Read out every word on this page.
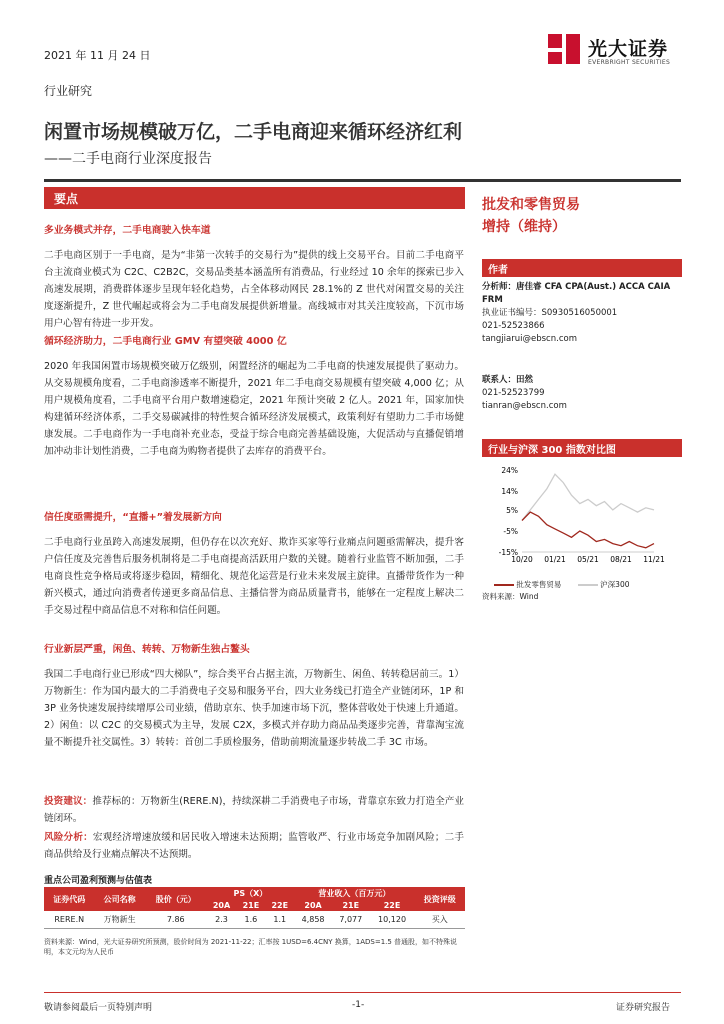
2021 年 11 月 24 日	光大证券
EVERBRIGHT SECURITIES
行业研究
闲置市场规模破万亿，二手电商迎来循环经济红利
——二手电商行业深度报告
要点

多业务模式并存，二手电商驶入快车道

二手电商区别于一手电商，是为“非第一次转手的交易行为”提供的线上交易平台。目前二手电商平台主流商业模式为 C2C、C2B2C，交易品类基本涵盖所有消费品，行业经过 10 余年的探索已步入高速发展期，消费群体逐步呈现年轻化趋势，占全体移动网民 28.1%的 Z 世代对闲置交易的关注度逐渐提升，Z 世代崛起或将会为二手电商发展提供新增量。高线城市对其关注度较高，下沉市场用户心智有待进一步开发。

循环经济助力，二手电商行业 GMV 有望突破 4000 亿

2020 年我国闲置市场规模突破万亿级别，闲置经济的崛起为二手电商的快速发展提供了驱动力。从交易规模角度看，二手电商渗透率不断提升，2021 年二手电商交易规模有望突破 4,000 亿；从用户规模角度看，二手电商平台用户数增速稳定，2021 年预计突破 2 亿人。2021 年，国家加快构建循环经济体系，二手交易碳减排的特性契合循环经济发展模式，政策利好有望助力二手市场健康发展。二手电商作为一手电商补充业态，受益于综合电商完善基础设施，大促活动与直播促销增加冲动非计划性消费，二手电商为购物者提供了去库存的消费平台。

信任度亟需提升，“直播+”着发展新方向

二手电商行业虽跨入高速发展期，但仍存在以次充好、欺诈买家等行业痛点问题亟需解决，提升客户信任度及完善售后服务机制将是二手电商提高活跃用户数的关键。随着行业监管不断加强，二手电商良性竞争格局或将逐步稳固，精细化、规范化运营是行业未来发展主旋律。直播带货作为一种新兴模式，通过向消费者传递更多商品信息、主播信誉为商品质量背书，能够在一定程度上解决二手交易过程中商品信息不对称和信任问题。

行业新层严重，闲鱼、转转、万物新生独占鳌头

我国二手电商行业已形成“四大梯队”，综合类平台占据主流，万物新生、闲鱼、转转稳居前三。1）万物新生：作为国内最大的二手消费电子交易和服务平台，四大业务线已打造全产业链闭环，1P 和 3P 业务快速发展持续增厚公司业绩，借助京东、快手加速市场下沉，整体营收处于快速上升通道。2）闲鱼：以 C2C 的交易模式为主导，发展 C2X，多模式并存助力商品品类逐步完善，背靠淘宝流量不断提升社交属性。3）转转：首创二手质检服务，借助前期流量逐步转战二手 3C 市场。

投资建议：推荐标的：万物新生(RERE.N)，持续深耕二手消费电子市场，背靠京东致力打造全产业链闭环。

风险分析：宏观经济增速放缓和居民收入增速未达预期；监管收严、行业市场竞争加剧风险；二手商品供给及行业痛点解决不达预期。

重点公司盈利预测与估值表
证券代码	公司名称	股价（元）	PS（X）			营业收入（百万元）			投资评级
			20A	21E	22E	20A	21E	22E	
RERE.N	万物新生	7.86	2.3	1.6	1.1	4,858	7,077	10,120	买入
资料来源：Wind，光大证券研究所预测，股价时间为 2021-11-22；汇率按 1USD=6.4CNY 换算，1ADS=1.5 普通股，如不特殊说明，本文元均为人民币
批发和零售贸易
增持（维持）
作者
分析师：唐佳睿 CFA CPA(Aust.) ACCA CAIA FRM
执业证书编号：S0930516050001
021-52523866
tangjiarui@ebscn.com
联系人：田然
021-52523799
tianran@ebscn.com
行业与沪深 300 指数对比图
24%
14%
5%
-5%
-15%
10/20 01/21 05/21 08/21 11/21
批发零售贸易	沪深300
资料来源：Wind
敬请参阅最后一页特别声明	-1-	证券研究报告
